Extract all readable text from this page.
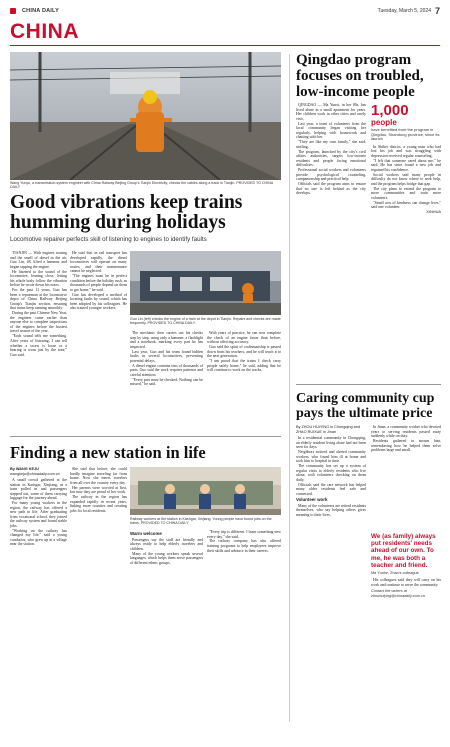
CHINA DAILY	Tuesday, March 5, 2024 7
CHINA
Wang Yunyu, a transmission-system engineer with China Railway Beijing Group's Tianjin Electricity, checks the cables along a track in Tianjin. PROVIDED TO CHINA DAILY
Good vibrations keep trains humming during holidays
Locomotive repairer perfects skill of listening to engines to identify faults

TIANJIN — With engines roaring and the smell of diesel in the air, Guo Lin, 48, lifted a hammer and began tapping the engine.

He listened to the sound of the locomotive, leaning close, letting his whole body follow the vibration before he wrote down his notes.

For the past 11 years, Guo has been a repairman at the locomotive depot of China Railway Beijing Group's Tianjin section, ensuring that trains keep running smoothly.

During the past Chinese New Year, the engineer came earlier than anyone else to complete inspections of the engines before the busiest travel season of the year.

"Each sound tells me something. After years of listening, I can tell whether a screw is loose or a bearing is worn just by the tone," Guo said.

He said that as rail transport has developed rapidly, the diesel locomotives still operate on many routes, and their maintenance cannot be neglected.

"The engines must be in perfect condition before the holiday rush, as thousands of people depend on them to get home," he said.

Guo has developed a method of locating faults by sound, which has been adopted by his colleagues. He also trained younger workers.

Guo Lin (left) checks the engine of a train at the depot in Tianjin. Repairs and checks are made frequently. PROVIDED TO CHINA DAILY

The mechanic then carries out his checks step by step, using only a hammer, a flashlight and a notebook, marking every part he has inspected.

Last year, Guo and his team found hidden faults in several locomotives, preventing potential delays.

A diesel engine contains tens of thousands of parts. Guo said the work requires patience and careful attention.

"Every part must be checked. Nothing can be missed," he said.

With years of practice, he can now complete the check of an engine faster than before, without affecting accuracy.

Guo said the spirit of craftsmanship is passed down from his teachers, and he will teach it to the next generation.

"I am proud that the trains I check carry people safely home," he said, adding that he will continue to work on the tracks.

Finding a new station in life
By WANG KEJU
wangkeju@chinadaily.com.cn

A small crowd gathered at the station in Kashgar, Xinjiang, as a train pulled in and passengers stepped out, some of them carrying luggage for the journey ahead.

For many young workers in the region, the railway has offered a new path in life. After graduating from vocational school, they joined the railway system and found stable jobs.

"Working on the railway has changed my life," said a young conductor, who grew up in a village near the station.

She said that before, she could hardly imagine traveling far from home. Now she meets travelers from all over the country every day.

Her parents were worried at first, but now they are proud of her work.

The railway in the region has expanded rapidly in recent years, linking more counties and creating jobs for local residents.

Railway workers at the station in Kashgar, Xinjiang. Young people have found jobs on the trains. PROVIDED TO CHINA DAILY
Warm welcome

Passengers say the staff are friendly and always ready to help elderly travelers and children.

Many of the young workers speak several languages, which helps them serve passengers of different ethnic groups.

"Every trip is different. I learn something new every day," she said.

The railway company has also offered training programs to help employees improve their skills and advance in their careers.

Qingdao program focuses on troubled, low-income people

QINGDAO — Ma Yunxi, in her 80s, has lived alone in a small apartment for years. Her children work in other cities and rarely visit.

Last year, a team of volunteers from the local community began visiting her regularly, helping with housework and chatting with her.

"They are like my own family," she said, smiling.

The program, launched by the city's civil affairs authorities, targets low-income residents and people facing emotional difficulties.

Professional social workers and volunteers provide psychological counseling, companionship and practical help.

Officials said the program aims to ensure that no one is left behind as the city develops.

1,000
people
have benefited from the program in Qingdao, Shandong province, since its launch

In Shibei district, a young man who had lost his job and was struggling with depression received regular counseling.

"I felt that someone cared about me," he said. He has since found a new job and regained his confidence.

Social workers said many people in difficulty do not know where to seek help, and the program helps bridge that gap.

The city plans to extend the program to more communities and train more volunteers.

"Small acts of kindness can change lives," said one volunteer.

XINHUA

Caring community cup pays the ultimate price
By ZHOU HUIYING in Chongqing and ZHAO RUIXUE in Jinan

In a residential community in Chongqing, an elderly resident living alone had not been seen for days.

Neighbors noticed and alerted community workers, who found him ill at home and took him to hospital in time.

The community has set up a system of regular visits to elderly residents who live alone, with volunteers checking on them daily.

Officials said the care network has helped many older residents feel safe and connected.

Volunteer work

Many of the volunteers are retired residents themselves, who say helping others gives meaning to their lives.

In Jinan, a community worker who devoted years to serving residents passed away suddenly while on duty.

Residents gathered to mourn him, remembering how he helped them solve problems large and small.

We (as family) always put residents' needs ahead of our own. To me, he was both a teacher and friend.
Ma Yunhe, Zhao's colleague

His colleagues said they will carry on his work and continue to serve the community.

Contact the writers at zhouhuiying@chinadaily.com.cn
